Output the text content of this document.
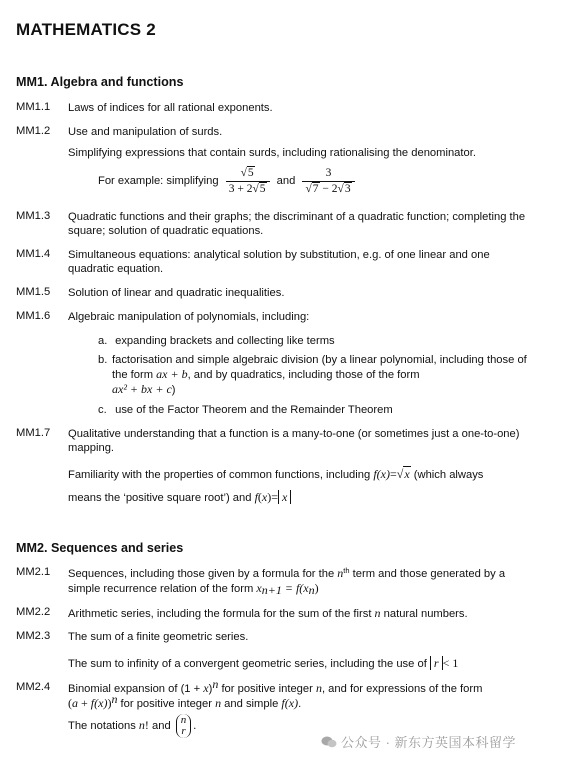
MATHEMATICS 2
MM1. Algebra and functions
MM1.1 Laws of indices for all rational exponents.
MM1.2 Use and manipulation of surds.
Simplifying expressions that contain surds, including rationalising the denominator.
For example: simplifying $\frac{√5}{3 + 2√5}$ and $\frac{3}{√7 - 2√3}$
MM1.3 Quadratic functions and their graphs; the discriminant of a quadratic function; completing the square; solution of quadratic equations.
MM1.4 Simultaneous equations: analytical solution by substitution, e.g. of one linear and one quadratic equation.
MM1.5 Solution of linear and quadratic inequalities.
MM1.6 Algebraic manipulation of polynomials, including:
a. expanding brackets and collecting like terms
b. factorisation and simple algebraic division (by a linear polynomial, including those of the form ax + b, and by quadratics, including those of the form
ax² + bx + c)
c. use of the Factor Theorem and the Remainder Theorem
MM1.7 Qualitative understanding that a function is a many-to-one (or sometimes just a one-to-one) mapping.
Familiarity with the properties of common functions, including f(x)=√x (which always
means the ‘positive square root’) and f(x)= x
MM2. Sequences and series
MM2.1 Sequences, including those given by a formula for the $n^{th}$ term and those generated by a simple recurrence relation of the form $x_{n+1} = f(x_n)$
MM2.2 Arithmetic series, including the formula for the sum of the first n natural numbers.
MM2.3 The sum of a finite geometric series.
The sum to infinity of a convergent geometric series, including the use of r < 1
MM2.4 Binomial expansion of $(1 + x)^n$ for positive integer n, and for expressions of the form
$(a + f(x))^n$ for positive integer n and simple f(x).
The notations n! and n
r .
公众号 · 新东方英国本科留学
